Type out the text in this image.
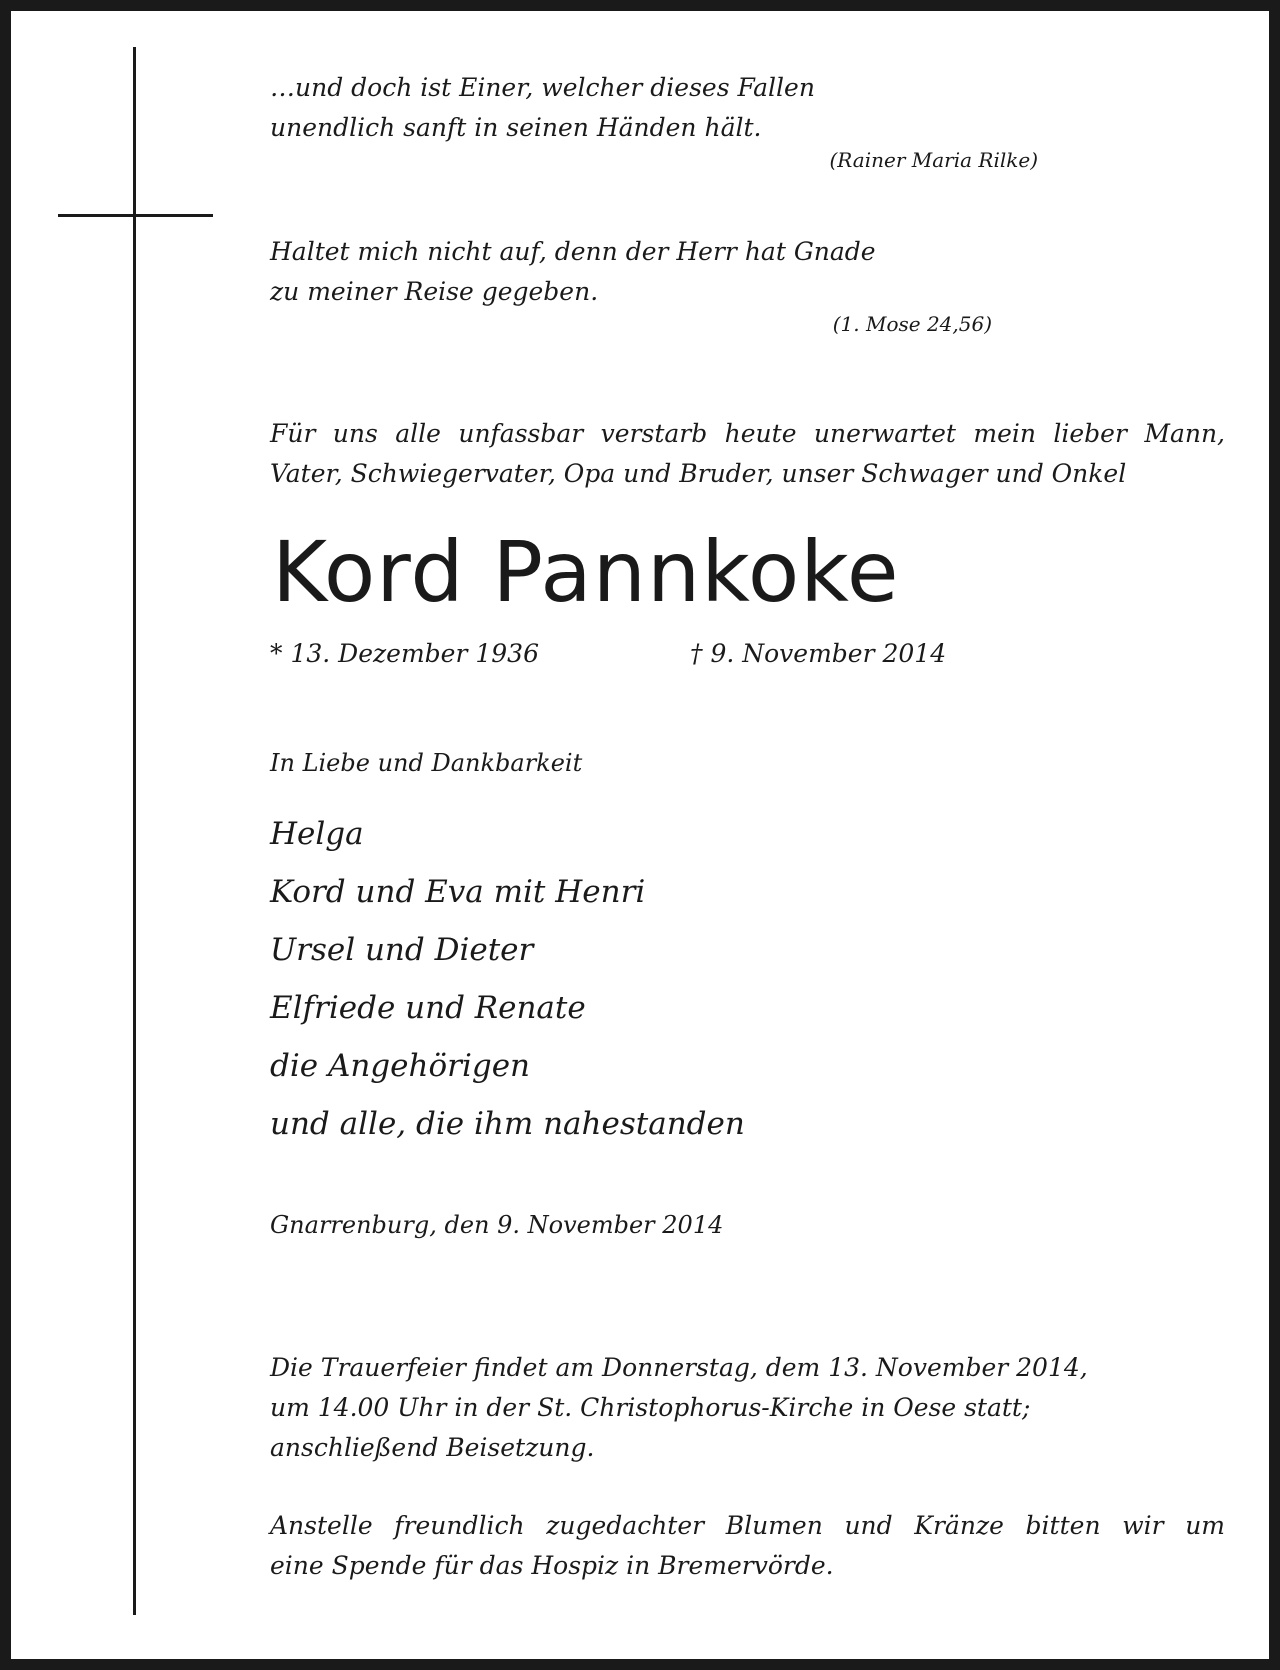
…und doch ist Einer, welcher dieses Fallen
unendlich sanft in seinen Händen hält.
(Rainer Maria Rilke)
Haltet mich nicht auf, denn der Herr hat Gnade
zu meiner Reise gegeben.
(1. Mose 24,56)
Für uns alle unfassbar verstarb heute unerwartet mein lieber Mann,
Vater, Schwiegervater, Opa und Bruder, unser Schwager und Onkel
Kord Pannkoke
* 13. Dezember 1936	† 9. November 2014
In Liebe und Dankbarkeit
Helga
Kord und Eva mit Henri
Ursel und Dieter
Elfriede und Renate
die Angehörigen
und alle, die ihm nahestanden
Gnarrenburg, den 9. November 2014
Die Trauerfeier findet am Donnerstag, dem 13. November 2014,
um 14.00 Uhr in der St. Christophorus-Kirche in Oese statt;
anschließend Beisetzung.
Anstelle freundlich zugedachter Blumen und Kränze bitten wir um
eine Spende für das Hospiz in Bremervörde.
